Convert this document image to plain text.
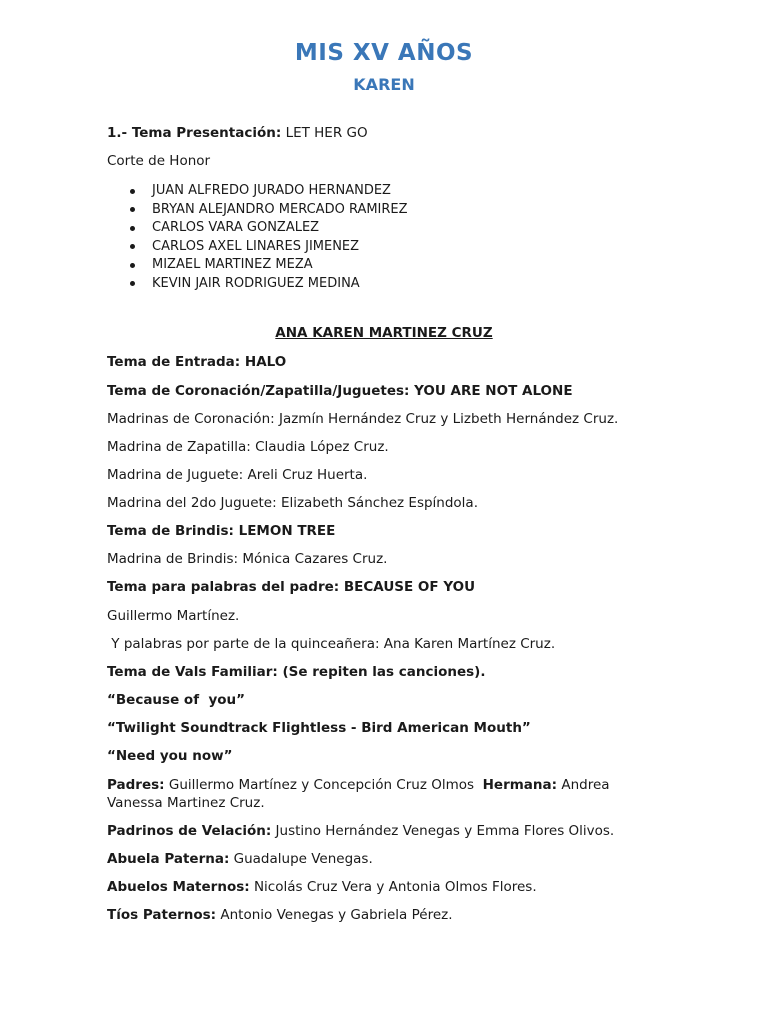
MIS XV AÑOS
KAREN
1.- Tema Presentación: LET HER GO
Corte de Honor
JUAN ALFREDO JURADO HERNANDEZ
BRYAN ALEJANDRO MERCADO RAMIREZ
CARLOS VARA GONZALEZ
CARLOS AXEL LINARES JIMENEZ
MIZAEL MARTINEZ MEZA
KEVIN JAIR RODRIGUEZ MEDINA
ANA KAREN MARTINEZ CRUZ
Tema de Entrada: HALO
Tema de Coronación/Zapatilla/Juguetes: YOU ARE NOT ALONE
Madrinas de Coronación: Jazmín Hernández Cruz y Lizbeth Hernández Cruz.
Madrina de Zapatilla: Claudia López Cruz.
Madrina de Juguete: Areli Cruz Huerta.
Madrina del 2do Juguete: Elizabeth Sánchez Espíndola.
Tema de Brindis: LEMON TREE
Madrina de Brindis: Mónica Cazares Cruz.
Tema para palabras del padre: BECAUSE OF YOU
Guillermo Martínez.
Y palabras por parte de la quinceañera: Ana Karen Martínez Cruz.
Tema de Vals Familiar: (Se repiten las canciones).
“Because of  you”
“Twilight Soundtrack Flightless - Bird American Mouth”
“Need you now”
Padres: Guillermo Martínez y Concepción Cruz Olmos  Hermana: Andrea
Vanessa Martinez Cruz.
Padrinos de Velación: Justino Hernández Venegas y Emma Flores Olivos.
Abuela Paterna: Guadalupe Venegas.
Abuelos Maternos: Nicolás Cruz Vera y Antonia Olmos Flores.
Tíos Paternos: Antonio Venegas y Gabriela Pérez.
